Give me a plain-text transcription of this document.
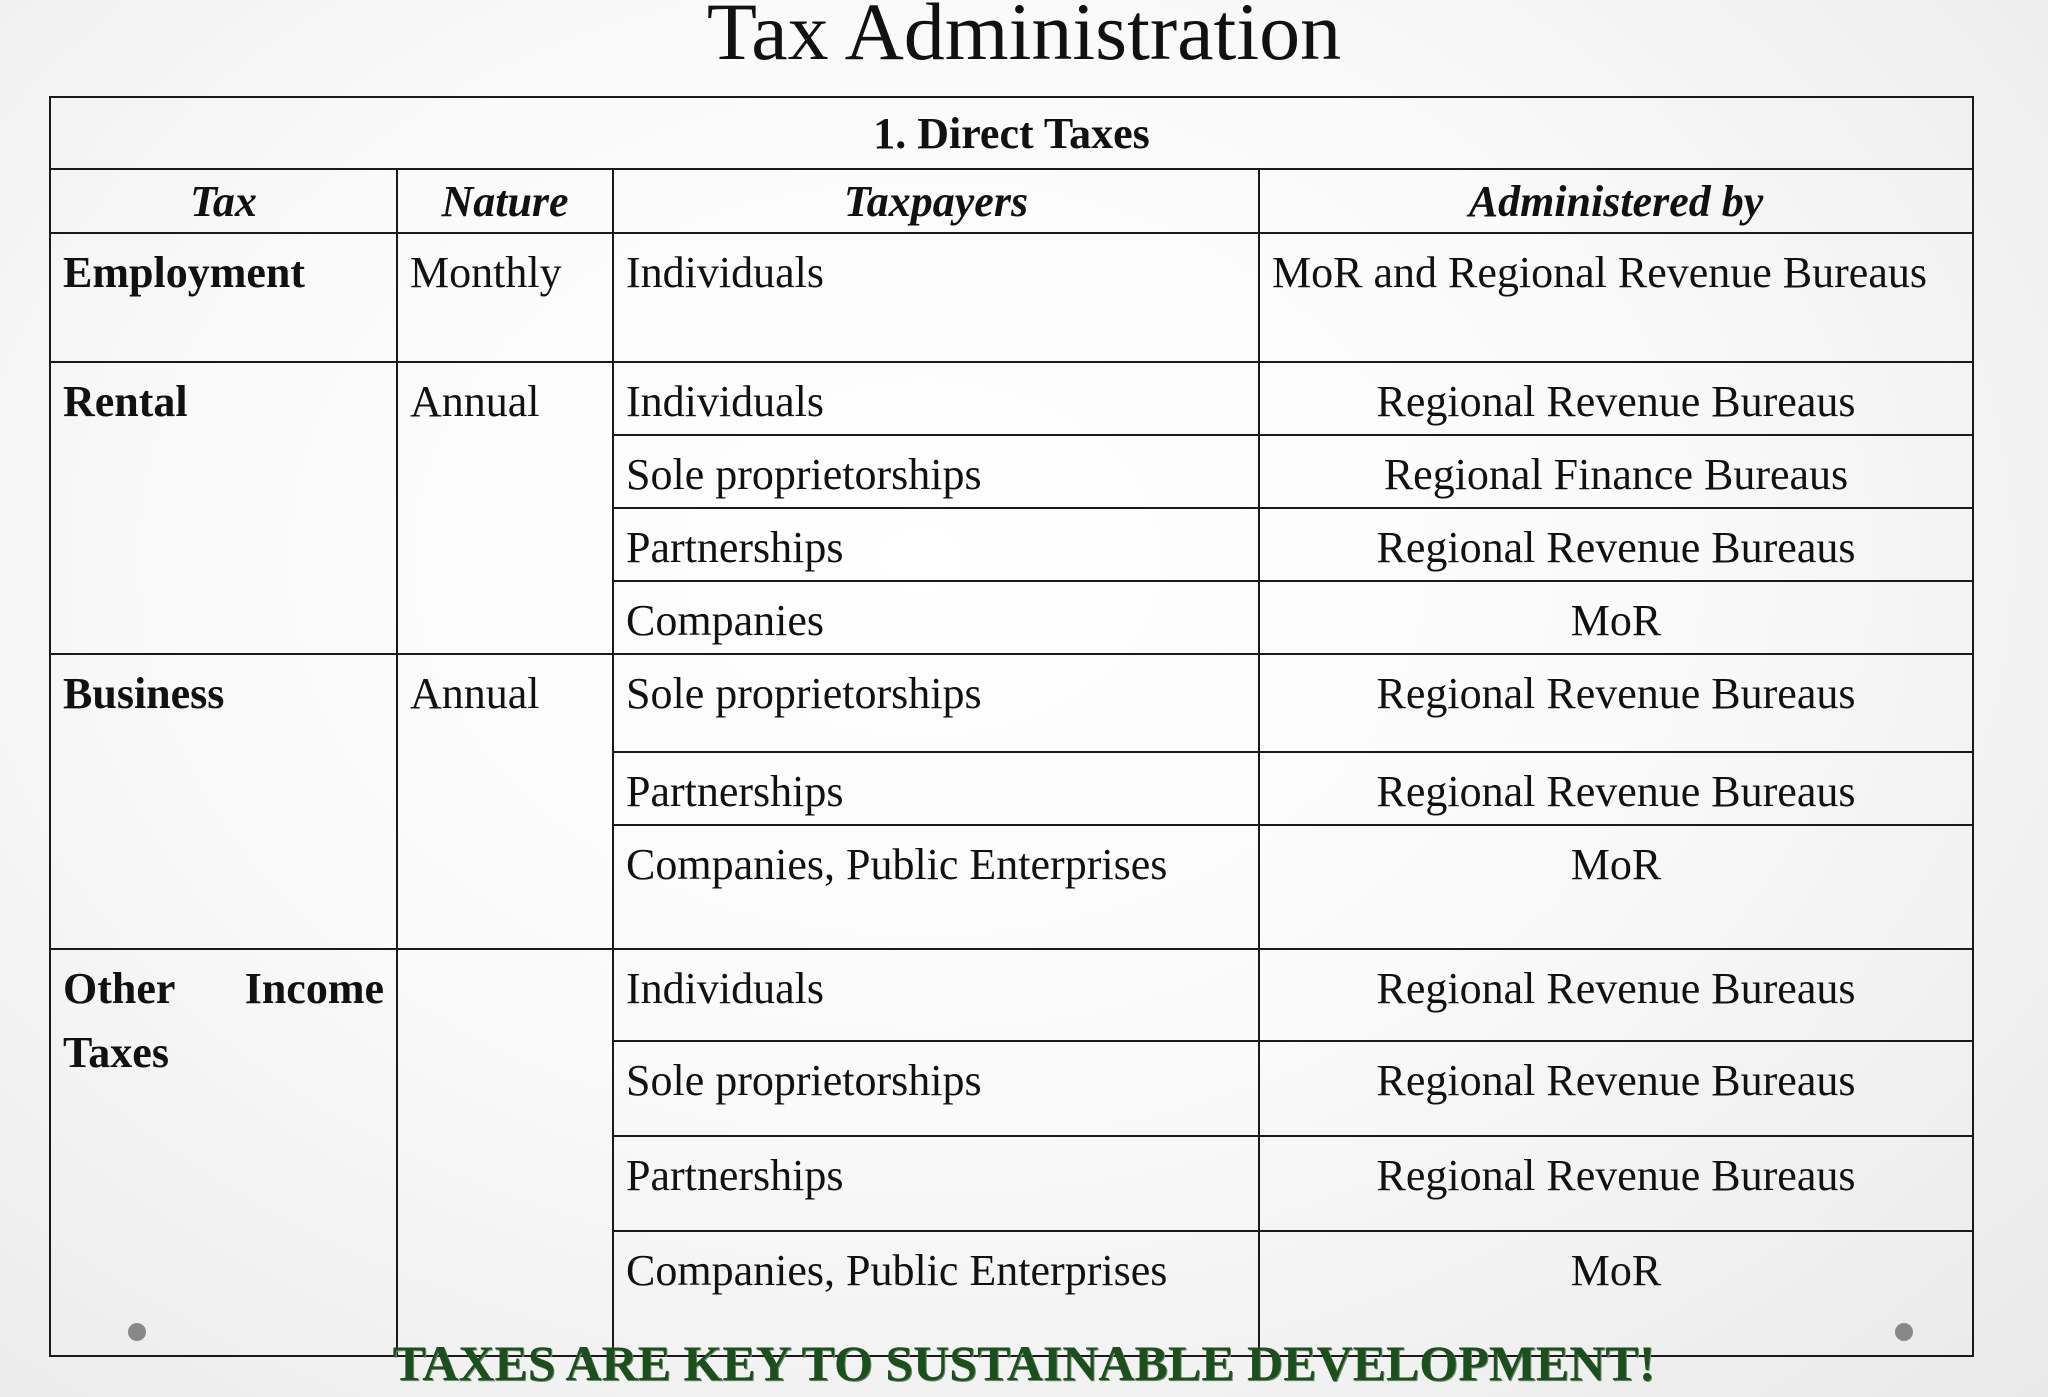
Tax Administration
1. Direct Taxes			
Tax	Nature	Taxpayers	Administered by
Employment	Monthly	Individuals	MoR and Regional Revenue Bureaus
Rental	Annual	Individuals	Regional Revenue Bureaus
		Sole proprietorships	Regional Finance Bureaus
		Partnerships	Regional Revenue Bureaus
		Companies	MoR
Business	Annual	Sole proprietorships	Regional Revenue Bureaus
		Partnerships	Regional Revenue Bureaus
		Companies, Public Enterprises	MoR
Other Income Taxes		Individuals	Regional Revenue Bureaus
		Sole proprietorships	Regional Revenue Bureaus
		Partnerships	Regional Revenue Bureaus
		Companies, Public Enterprises	MoR
TAXES ARE KEY TO SUSTAINABLE DEVELOPMENT!
